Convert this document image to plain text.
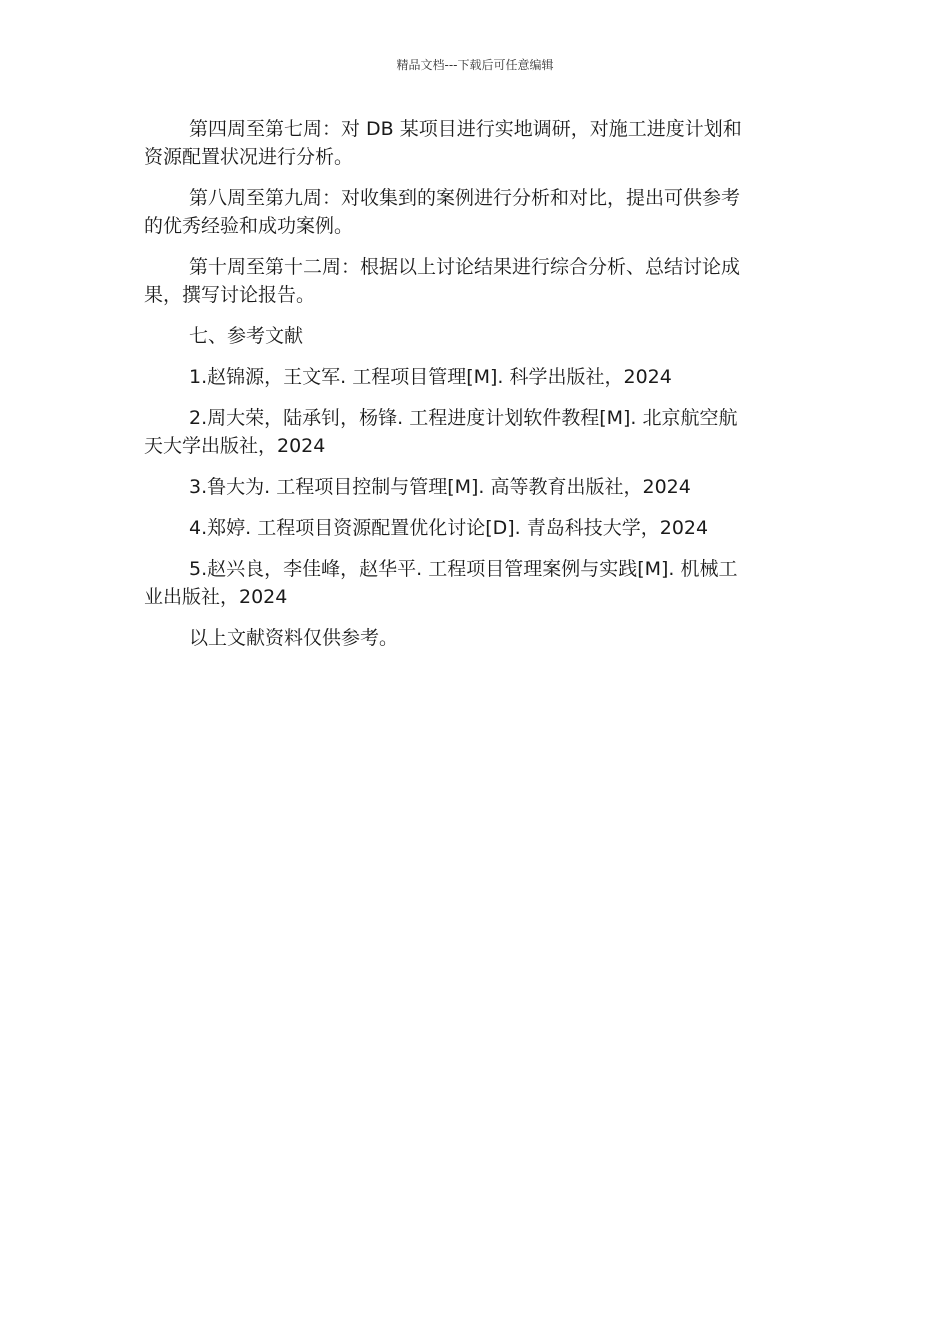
精品文档---下载后可任意编辑

第四周至第七周：对 DB 某项目进行实地调研，对施工进度计划和
资源配置状况进行分析。

第八周至第九周：对收集到的案例进行分析和对比，提出可供参考
的优秀经验和成功案例。

第十周至第十二周：根据以上讨论结果进行综合分析、总结讨论成
果，撰写讨论报告。

七、参考文献

1.赵锦源，王文军. 工程项目管理[M]. 科学出版社，2024

2.周大荣，陆承钊，杨锋. 工程进度计划软件教程[M]. 北京航空航
天大学出版社，2024

3.鲁大为. 工程项目控制与管理[M]. 高等教育出版社，2024

4.郑婷. 工程项目资源配置优化讨论[D]. 青岛科技大学，2024

5.赵兴良，李佳峰，赵华平. 工程项目管理案例与实践[M]. 机械工
业出版社，2024

以上文献资料仅供参考。
